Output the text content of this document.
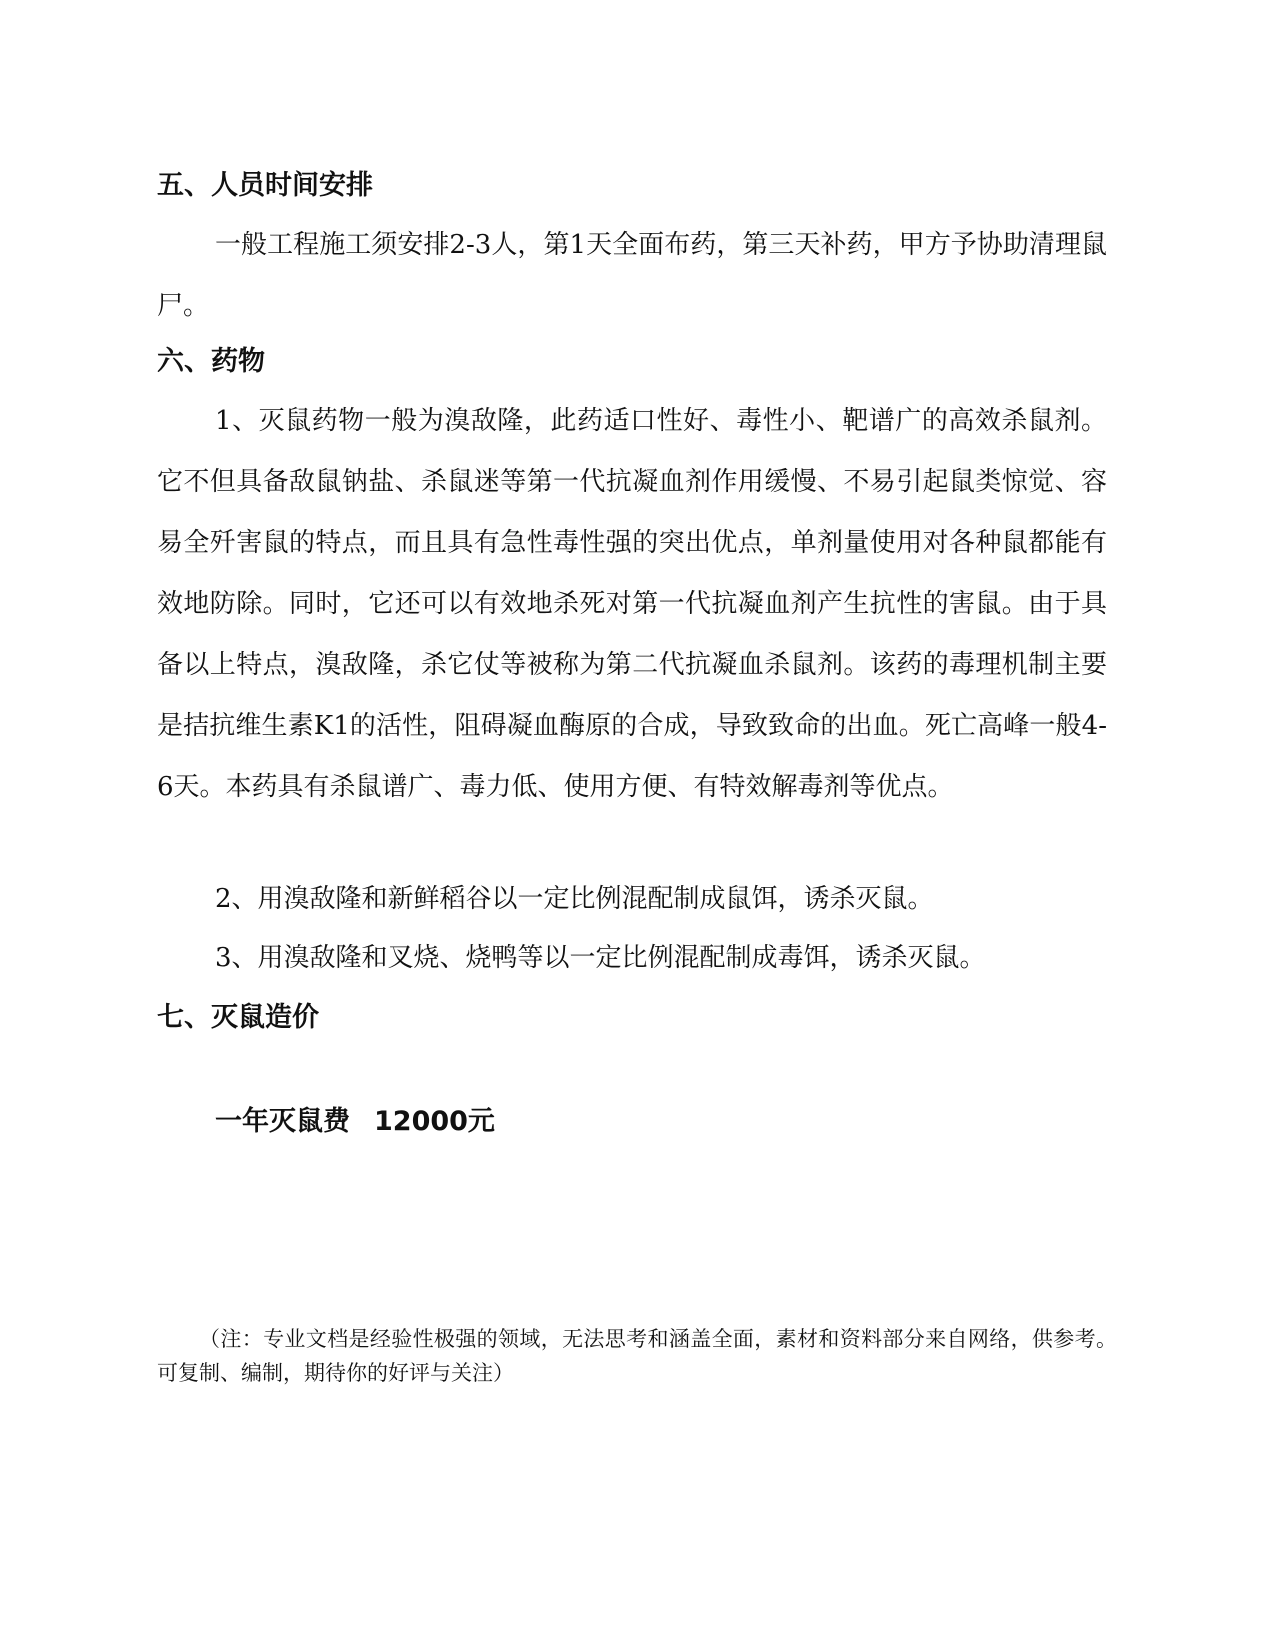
五、人员时间安排

一般工程施工须安排2-3人，第1天全面布药，第三天补药，甲方予协助清理鼠尸。

六、药物

1、灭鼠药物一般为溴敌隆，此药适口性好、毒性小、靶谱广的高效杀鼠剂。它不但具备敌鼠钠盐、杀鼠迷等第一代抗凝血剂作用缓慢、不易引起鼠类惊觉、容易全歼害鼠的特点，而且具有急性毒性强的突出优点，单剂量使用对各种鼠都能有效地防除。同时，它还可以有效地杀死对第一代抗凝血剂产生抗性的害鼠。由于具备以上特点，溴敌隆，杀它仗等被称为第二代抗凝血杀鼠剂。该药的毒理机制主要是拮抗维生素K1的活性，阻碍凝血酶原的合成，导致致命的出血。死亡高峰一般4-6天。本药具有杀鼠谱广、毒力低、使用方便、有特效解毒剂等优点。

2、用溴敌隆和新鲜稻谷以一定比例混配制成鼠饵，诱杀灭鼠。

3、用溴敌隆和叉烧、烧鸭等以一定比例混配制成毒饵，诱杀灭鼠。

七、灭鼠造价

一年灭鼠费 12000元

（注：专业文档是经验性极强的领域，无法思考和涵盖全面，素材和资料部分来自网络，供参考。可复制、编制，期待你的好评与关注）
